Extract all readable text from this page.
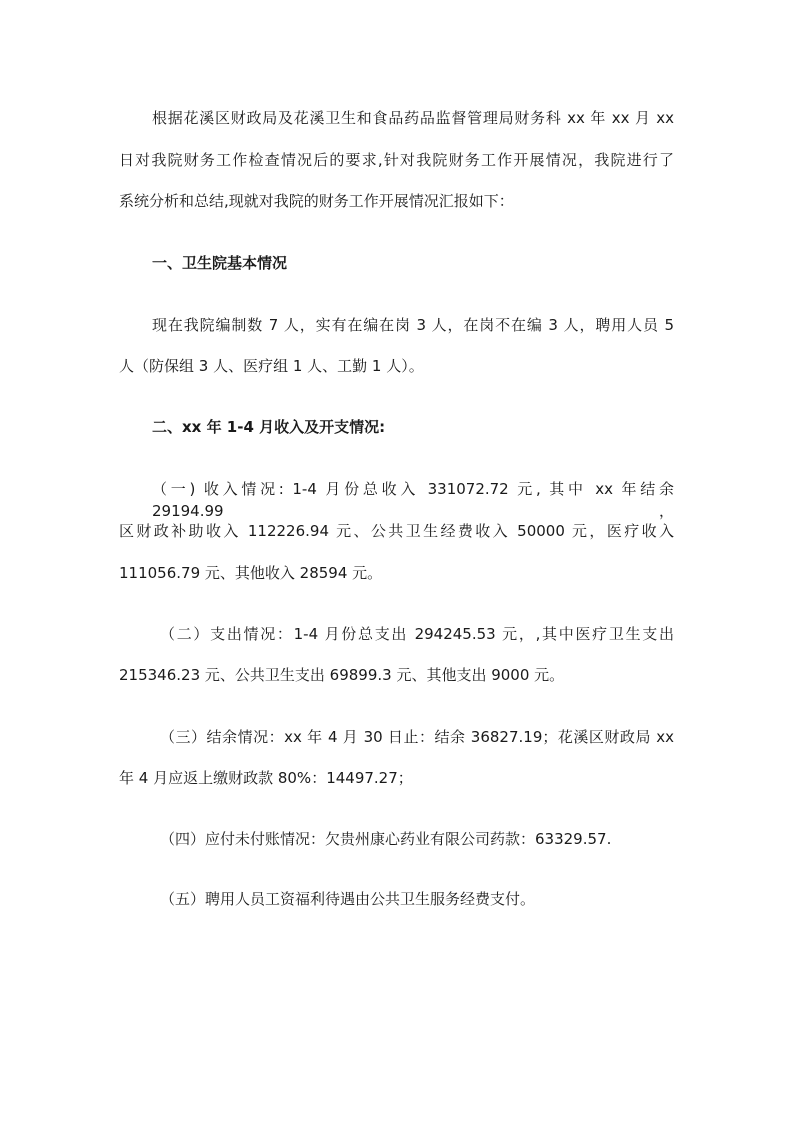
根据花溪区财政局及花溪卫生和食品药品监督管理局财务科 xx 年 xx 月 xx
日对我院财务工作检查情况后的要求,针对我院财务工作开展情况，我院进行了
系统分析和总结,现就对我院的财务工作开展情况汇报如下：
一、卫生院基本情况
现在我院编制数 7 人，实有在编在岗 3 人，在岗不在编 3 人，聘用人员 5
人（防保组 3 人、医疗组 1 人、工勤 1 人）。
二、xx 年 1-4 月收入及开支情况:
（一) 收入情况: 1-4 月份总收入 331072.72 元, 其中 xx 年结余 29194.99，
区财政补助收入 112226.94 元、公共卫生经费收入 50000 元，医疗收入
111056.79 元、其他收入 28594 元。
（二）支出情况：1-4 月份总支出 294245.53 元，,其中医疗卫生支出
215346.23 元、公共卫生支出 69899.3 元、其他支出 9000 元。
（三）结余情况：xx 年 4 月 30 日止：结余 36827.19；花溪区财政局 xx
年 4 月应返上缴财政款 80%：14497.27；
（四）应付未付账情况：欠贵州康心药业有限公司药款：63329.57.
（五）聘用人员工资福利待遇由公共卫生服务经费支付。
